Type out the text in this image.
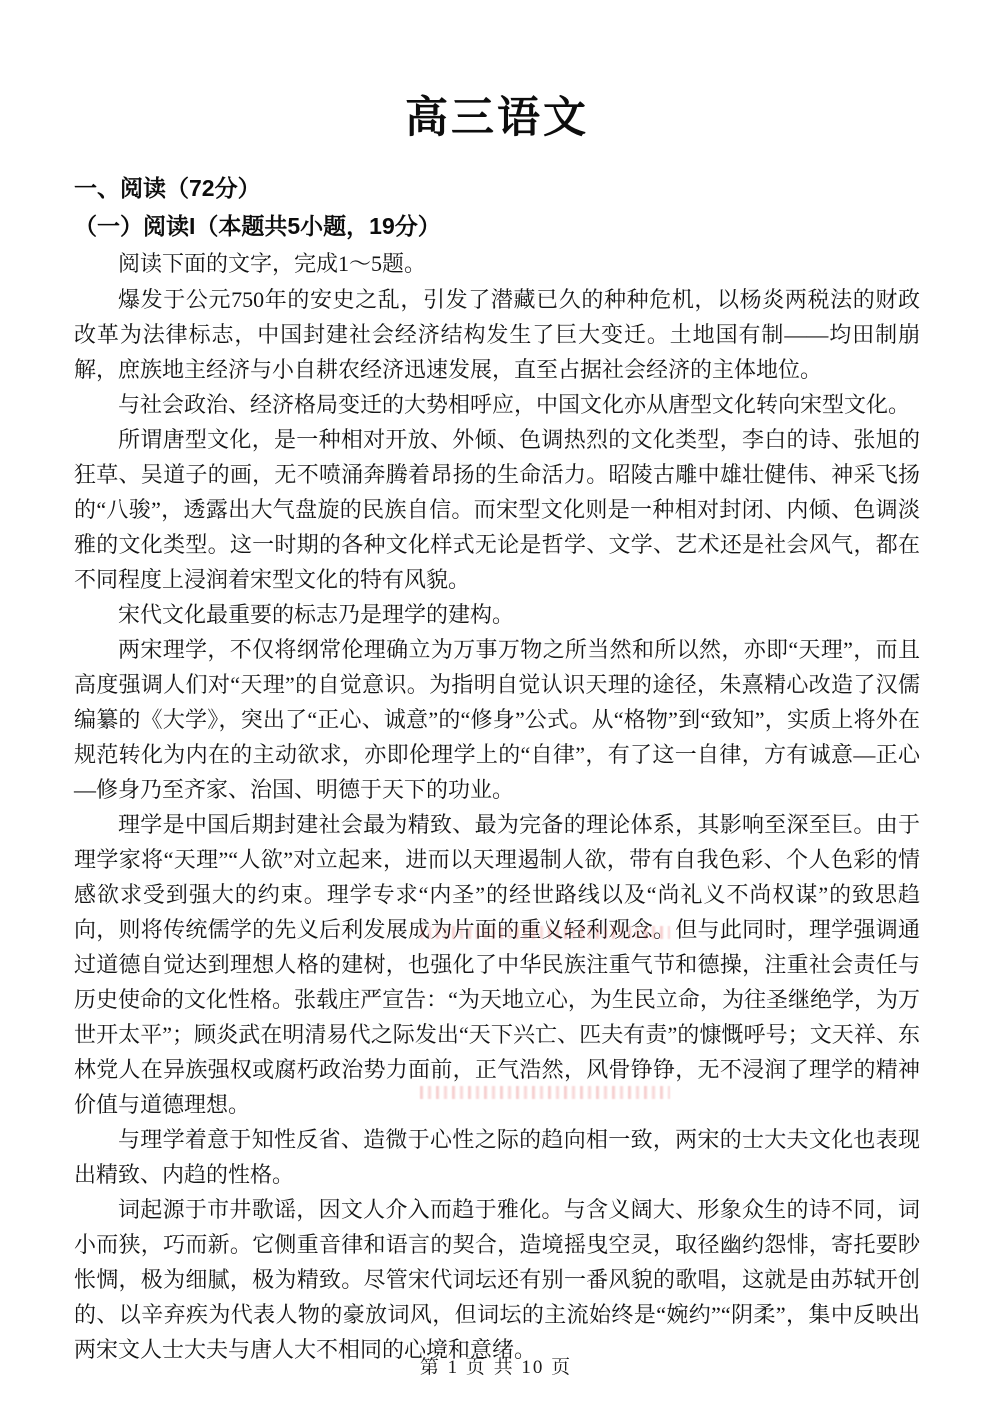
高三语文
一、阅读（72分）
（一）阅读I（本题共5小题，19分）
阅读下面的文字，完成1～5题。

爆发于公元750年的安史之乱，引发了潜藏已久的种种危机，以杨炎两税法的财政改革为法律标志，中国封建社会经济结构发生了巨大变迁。土地国有制——均田制崩解，庶族地主经济与小自耕农经济迅速发展，直至占据社会经济的主体地位。

与社会政治、经济格局变迁的大势相呼应，中国文化亦从唐型文化转向宋型文化。

所谓唐型文化，是一种相对开放、外倾、色调热烈的文化类型，李白的诗、张旭的狂草、吴道子的画，无不喷涌奔腾着昂扬的生命活力。昭陵古雕中雄壮健伟、神采飞扬的“八骏”，透露出大气盘旋的民族自信。而宋型文化则是一种相对封闭、内倾、色调淡雅的文化类型。这一时期的各种文化样式无论是哲学、文学、艺术还是社会风气，都在不同程度上浸润着宋型文化的特有风貌。

宋代文化最重要的标志乃是理学的建构。

两宋理学，不仅将纲常伦理确立为万事万物之所当然和所以然，亦即“天理”，而且高度强调人们对“天理”的自觉意识。为指明自觉认识天理的途径，朱熹精心改造了汉儒编纂的《大学》，突出了“正心、诚意”的“修身”公式。从“格物”到“致知”，实质上将外在规范转化为内在的主动欲求，亦即伦理学上的“自律”，有了这一自律，方有诚意—正心—修身乃至齐家、治国、明德于天下的功业。

理学是中国后期封建社会最为精致、最为完备的理论体系，其影响至深至巨。由于理学家将“天理”“人欲”对立起来，进而以天理遏制人欲，带有自我色彩、个人色彩的情感欲求受到强大的约束。理学专求“内圣”的经世路线以及“尚礼义不尚权谋”的致思趋向，则将传统儒学的先义后利发展成为片面的重义轻利观念。但与此同时，理学强调通过道德自觉达到理想人格的建树，也强化了中华民族注重气节和德操，注重社会责任与历史使命的文化性格。张载庄严宣告：“为天地立心，为生民立命，为往圣继绝学，为万世开太平”；顾炎武在明清易代之际发出“天下兴亡、匹夫有责”的慷慨呼号；文天祥、东林党人在异族强权或腐朽政治势力面前，正气浩然，风骨铮铮，无不浸润了理学的精神价值与道德理想。

与理学着意于知性反省、造微于心性之际的趋向相一致，两宋的士大夫文化也表现出精致、内趋的性格。

词起源于市井歌谣，因文人介入而趋于雅化。与含义阔大、形象众生的诗不同，词小而狭，巧而新。它侧重音律和语言的契合，造境摇曳空灵，取径幽约怨悱，寄托要眇怅惆，极为细腻，极为精致。尽管宋代词坛还有别一番风貌的歌唱，这就是由苏轼开创的、以辛弃疾为代表人物的豪放词风，但词坛的主流始终是“婉约”“阴柔”，集中反映出两宋文人士大夫与唐人大不相同的心境和意绪。

第 1 页 共 10 页
